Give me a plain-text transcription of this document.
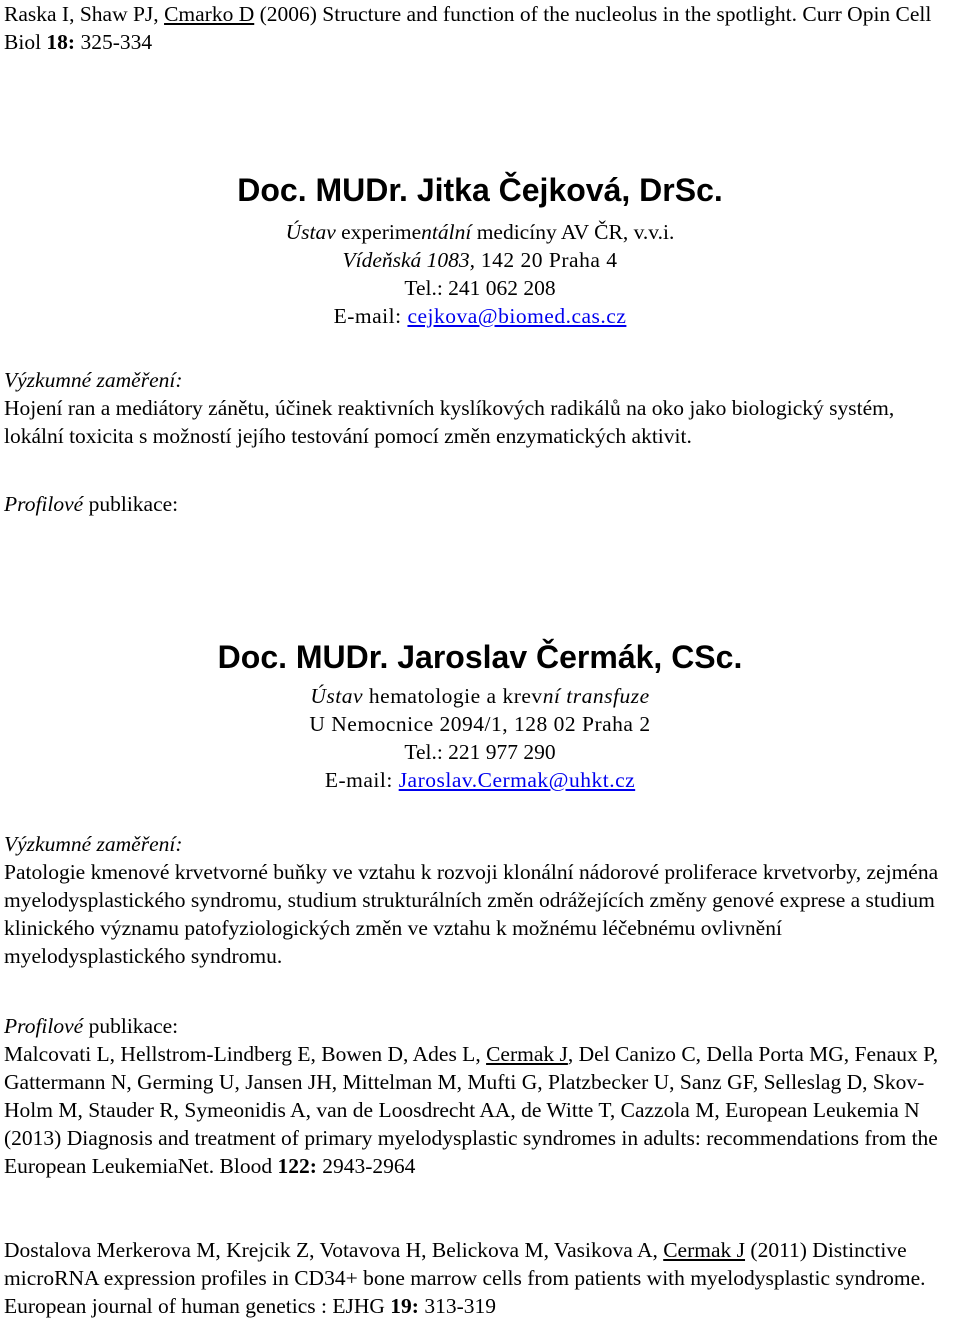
Raska I, Shaw PJ, Cmarko D (2006) Structure and function of the nucleolus in the spotlight. Curr Opin Cell Biol 18: 325-334

Doc. MUDr. Jitka Čejková, DrSc.

Ústav experimentální medicíny AV ČR, v.v.i.

Vídeňská 1083, 142 20 Praha 4

Tel.: 241 062 208

E-mail: cejkova@biomed.cas.cz

Výzkumné zaměření:

Hojení ran a mediátory zánětu, účinek reaktivních kyslíkových radikálů na oko jako biologický systém, lokální toxicita s možností jejího testování pomocí změn enzymatických aktivit.

Profilové publikace:

Doc. MUDr. Jaroslav Čermák, CSc.

Ústav hematologie a krevní transfuze

U Nemocnice 2094/1, 128 02 Praha 2

Tel.: 221 977 290

E-mail: Jaroslav.Cermak@uhkt.cz

Výzkumné zaměření:

Patologie kmenové krvetvorné buňky ve vztahu k rozvoji klonální nádorové proliferace krvetvorby, zejména myelodysplastického syndromu, studium strukturálních změn odrážejících změny genové exprese a studium klinického významu patofyziologických změn ve vztahu k možnému léčebnému ovlivnění myelodysplastického syndromu.

Profilové publikace:

Malcovati L, Hellstrom-Lindberg E, Bowen D, Ades L, Cermak J, Del Canizo C, Della Porta MG, Fenaux P, Gattermann N, Germing U, Jansen JH, Mittelman M, Mufti G, Platzbecker U, Sanz GF, Selleslag D, Skov-Holm M, Stauder R, Symeonidis A, van de Loosdrecht AA, de Witte T, Cazzola M, European Leukemia N (2013) Diagnosis and treatment of primary myelodysplastic syndromes in adults: recommendations from the European LeukemiaNet. Blood 122: 2943-2964

Dostalova Merkerova M, Krejcik Z, Votavova H, Belickova M, Vasikova A, Cermak J (2011) Distinctive microRNA expression profiles in CD34+ bone marrow cells from patients with myelodysplastic syndrome. European journal of human genetics : EJHG 19: 313-319
